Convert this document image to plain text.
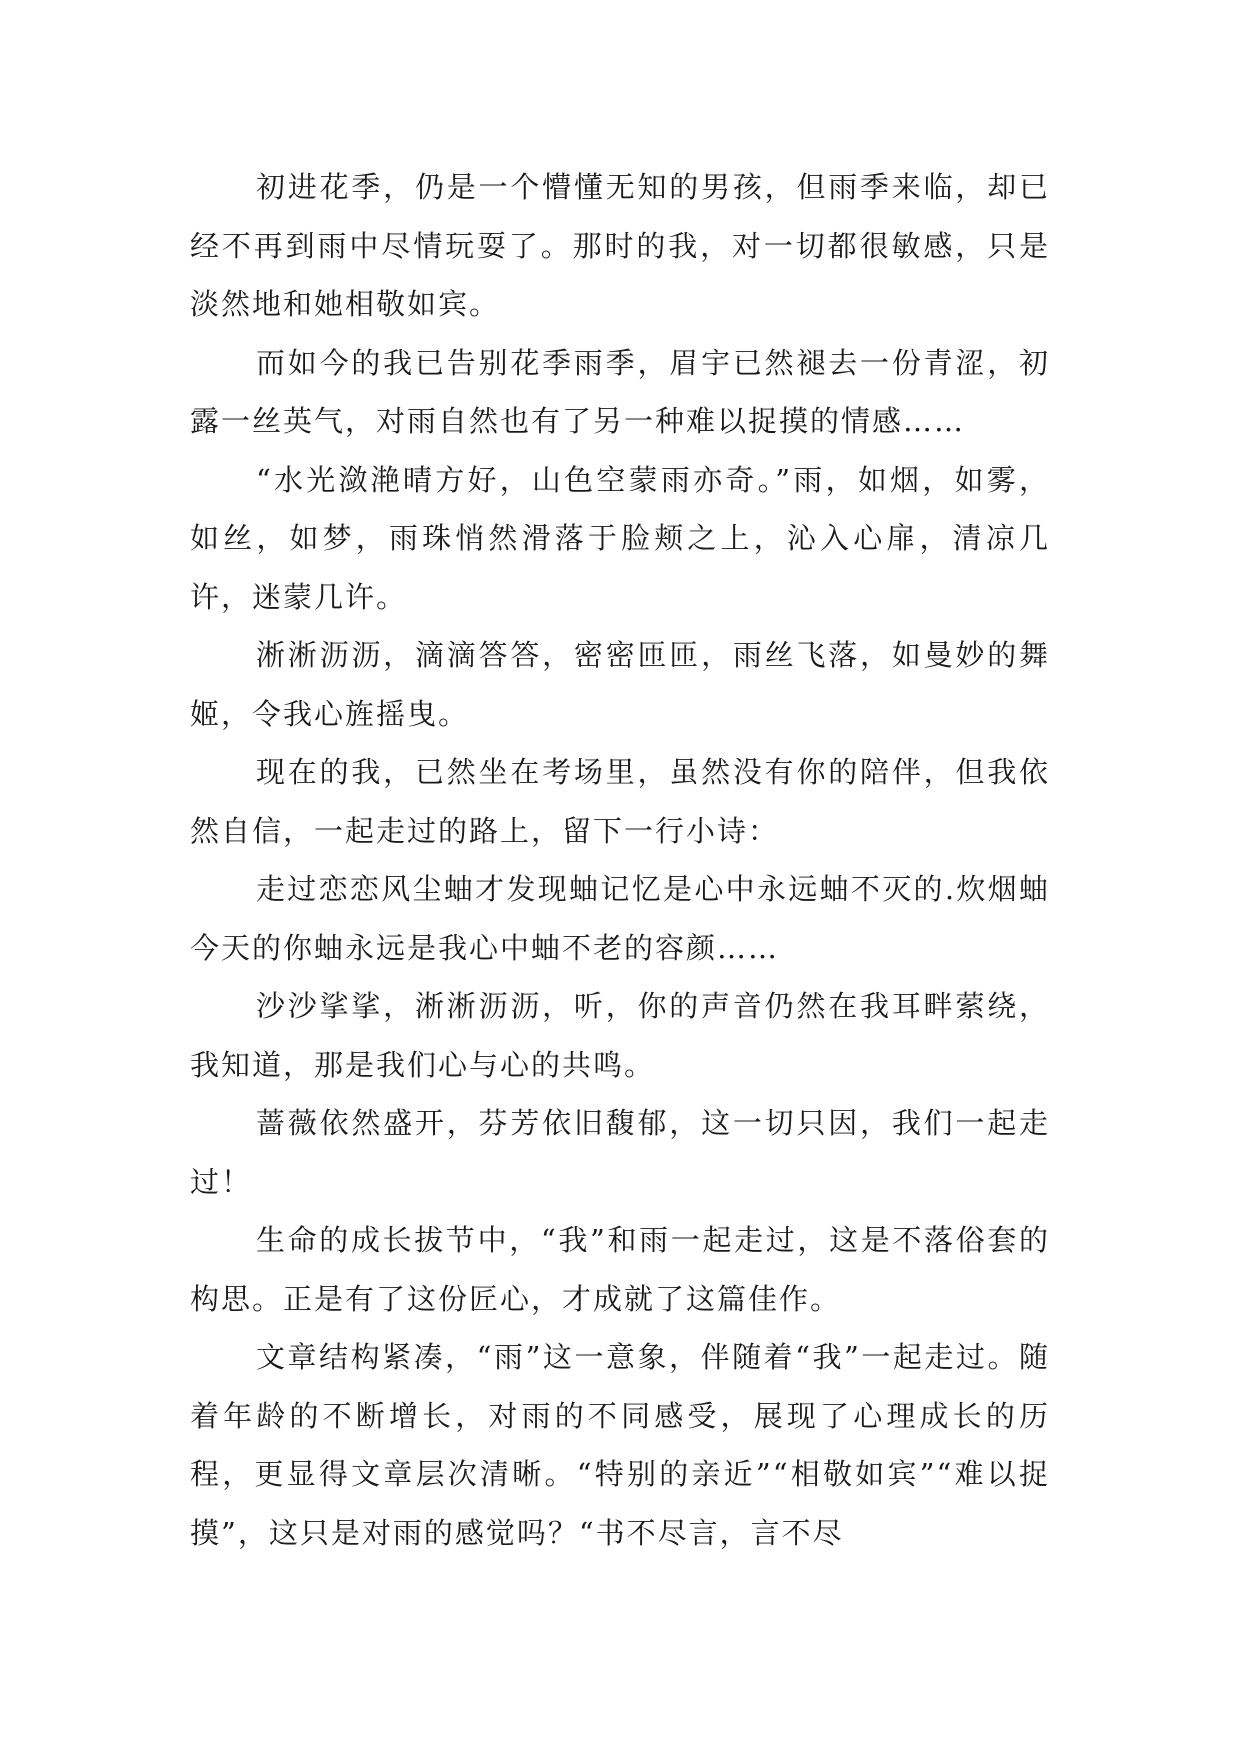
初进花季，仍是一个懵懂无知的男孩，但雨季来临，却已经不再到雨中尽情玩耍了。那时的我，对一切都很敏感，只是淡然地和她相敬如宾。

而如今的我已告别花季雨季，眉宇已然褪去一份青涩，初露一丝英气，对雨自然也有了另一种难以捉摸的情感……

“水光潋滟晴方好，山色空蒙雨亦奇。”雨，如烟，如雾，如丝，如梦，雨珠悄然滑落于脸颊之上，沁入心扉，清凉几许，迷蒙几许。

淅淅沥沥，滴滴答答，密密匝匝，雨丝飞落，如曼妙的舞姬，令我心旌摇曳。

现在的我，已然坐在考场里，虽然没有你的陪伴，但我依然自信，一起走过的路上，留下一行小诗：

走过恋恋风尘蚰才发现蚰记忆是心中永远蚰不灭的.炊烟蚰今天的你蚰永远是我心中蚰不老的容颜……

沙沙挲挲，淅淅沥沥，听，你的声音仍然在我耳畔萦绕，我知道，那是我们心与心的共鸣。

蔷薇依然盛开，芬芳依旧馥郁，这一切只因，我们一起走过！

生命的成长拔节中，“我”和雨一起走过，这是不落俗套的构思。正是有了这份匠心，才成就了这篇佳作。

文章结构紧凑，“雨”这一意象，伴随着“我”一起走过。随着年龄的不断增长，对雨的不同感受，展现了心理成长的历程，更显得文章层次清晰。“特别的亲近”“相敬如宾”“难以捉摸”，这只是对雨的感觉吗？“书不尽言，言不尽
